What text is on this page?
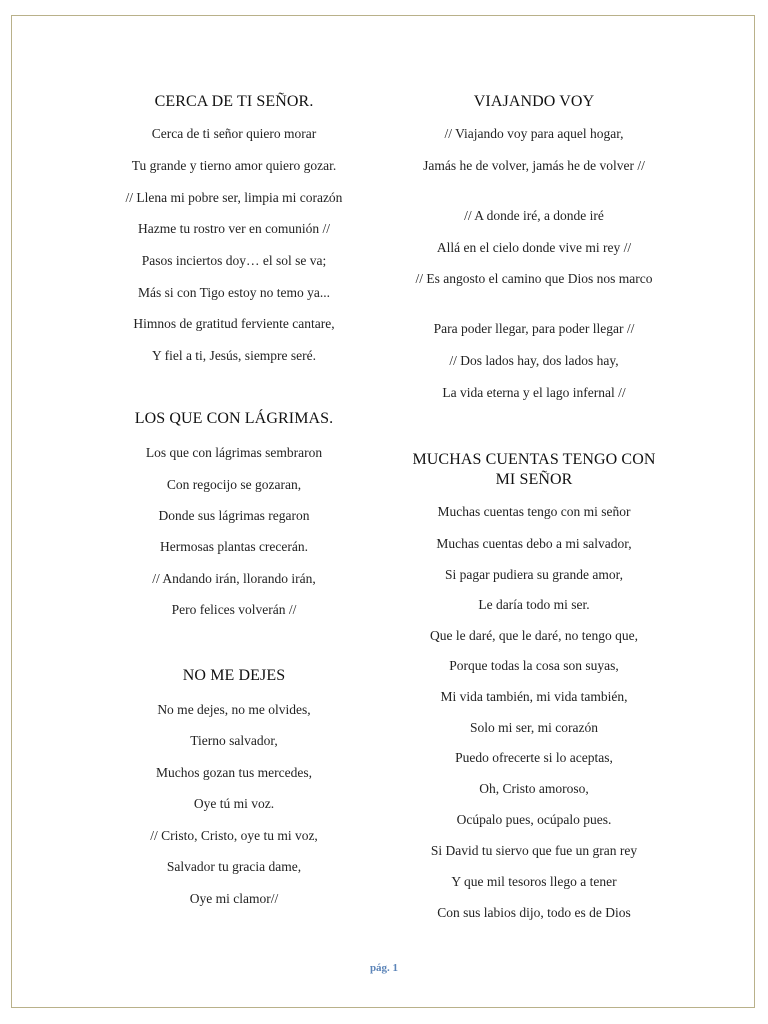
CERCA DE TI SEÑOR.

Cerca de ti señor quiero morar

Tu grande y tierno amor quiero gozar.

// Llena mi pobre ser, limpia mi corazón

Hazme tu rostro ver en comunión //

Pasos inciertos doy… el sol se va;

Más si con Tigo estoy no temo ya...

Himnos de gratitud ferviente cantare,

Y fiel a ti, Jesús, siempre seré.

LOS QUE CON LÁGRIMAS.

Los que con lágrimas sembraron

Con regocijo se gozaran,

Donde sus lágrimas regaron

Hermosas plantas crecerán.

// Andando irán, llorando irán,

Pero felices volverán //

NO ME DEJES

No me dejes, no me olvides,

Tierno salvador,

Muchos gozan tus mercedes,

Oye tú mi voz.

// Cristo, Cristo, oye tu mi voz,

Salvador tu gracia dame,

Oye mi clamor//

VIAJANDO VOY

// Viajando voy para aquel hogar,

Jamás he de volver, jamás he de volver //

// A donde iré, a donde iré

Allá en el cielo donde vive mi rey //

// Es angosto el camino que Dios nos marco

Para poder llegar, para poder llegar //

// Dos lados hay, dos lados hay,

La vida eterna y el lago infernal //

MUCHAS CUENTAS TENGO CON MI SEÑOR

Muchas cuentas tengo con mi señor

Muchas cuentas debo a mi salvador,

Si pagar pudiera su grande amor,

Le daría todo mi ser.

Que le daré, que le daré, no tengo que,

Porque todas la cosa son suyas,

Mi vida también, mi vida también,

Solo mi ser, mi corazón

Puedo ofrecerte si lo aceptas,

Oh, Cristo amoroso,

Ocúpalo pues, ocúpalo pues.

Si David tu siervo que fue un gran rey

Y que mil tesoros llego a tener

Con sus labios dijo, todo es de Dios

pág. 1
